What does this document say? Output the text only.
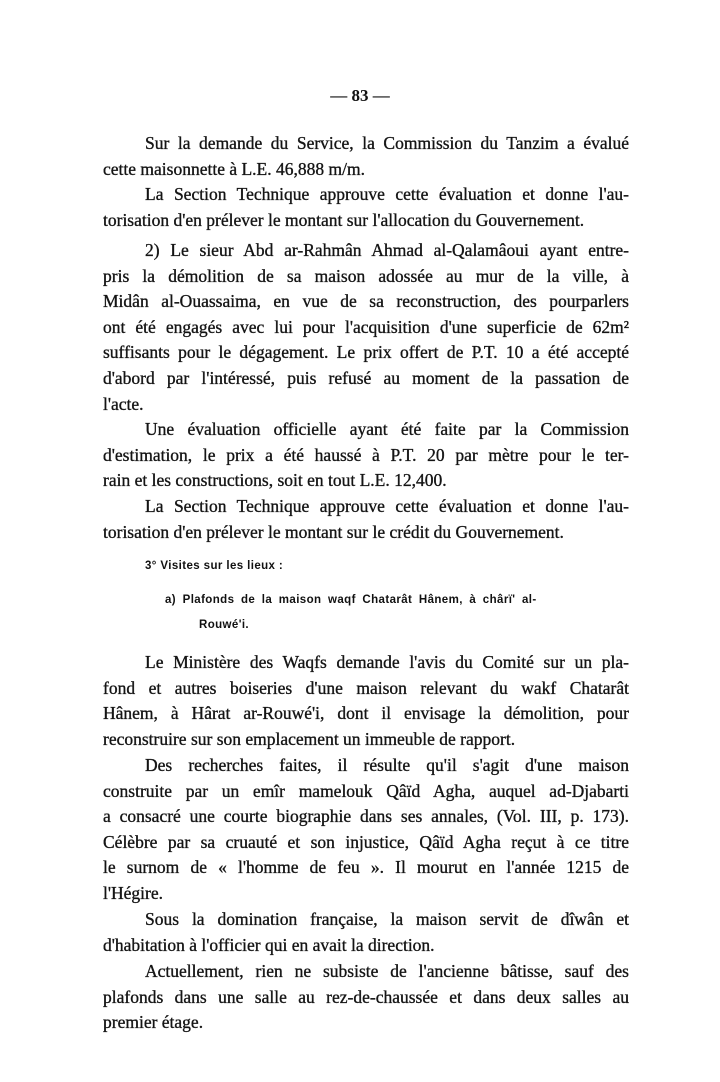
— 83 —
Sur la demande du Service, la Commission du Tanzim a évalué
cette maisonnette à L.E. 46,888 m/m.
La Section Technique approuve cette évaluation et donne l'au-
torisation d'en prélever le montant sur l'allocation du Gouvernement.
2) Le sieur Abd ar-Rahmân Ahmad al-Qalamâoui ayant entre-
pris la démolition de sa maison adossée au mur de la ville, à
Midân al-Ouassaima, en vue de sa reconstruction, des pourparlers
ont été engagés avec lui pour l'acquisition d'une superficie de 62m²
suffisants pour le dégagement. Le prix offert de P.T. 10 a été accepté
d'abord par l'intéressé, puis refusé au moment de la passation de
l'acte.
Une évaluation officielle ayant été faite par la Commission
d'estimation, le prix a été haussé à P.T. 20 par mètre pour le ter-
rain et les constructions, soit en tout L.E. 12,400.
La Section Technique approuve cette évaluation et donne l'au-
torisation d'en prélever le montant sur le crédit du Gouvernement.
Le Ministère des Waqfs demande l'avis du Comité sur un pla-
fond et autres boiseries d'une maison relevant du wakf Chatarât
Hânem, à Hârat ar-Rouwé'i, dont il envisage la démolition, pour
reconstruire sur son emplacement un immeuble de rapport.
Des recherches faites, il résulte qu'il s'agit d'une maison
construite par un emîr mamelouk Qâïd Agha, auquel ad-Djabarti
a consacré une courte biographie dans ses annales, (Vol. III, p. 173).
Célèbre par sa cruauté et son injustice, Qâïd Agha reçut à ce titre
le surnom de « l'homme de feu ». Il mourut en l'année 1215 de
l'Hégire.
Sous la domination française, la maison servit de dîwân et
d'habitation à l'officier qui en avait la direction.
Actuellement, rien ne subsiste de l'ancienne bâtisse, sauf des
plafonds dans une salle au rez-de-chaussée et dans deux salles au
premier étage.
3° Visites sur les lieux :
a) Plafonds de la maison waqf Chatarât Hânem, à chârï' al-
Rouwé'i.
